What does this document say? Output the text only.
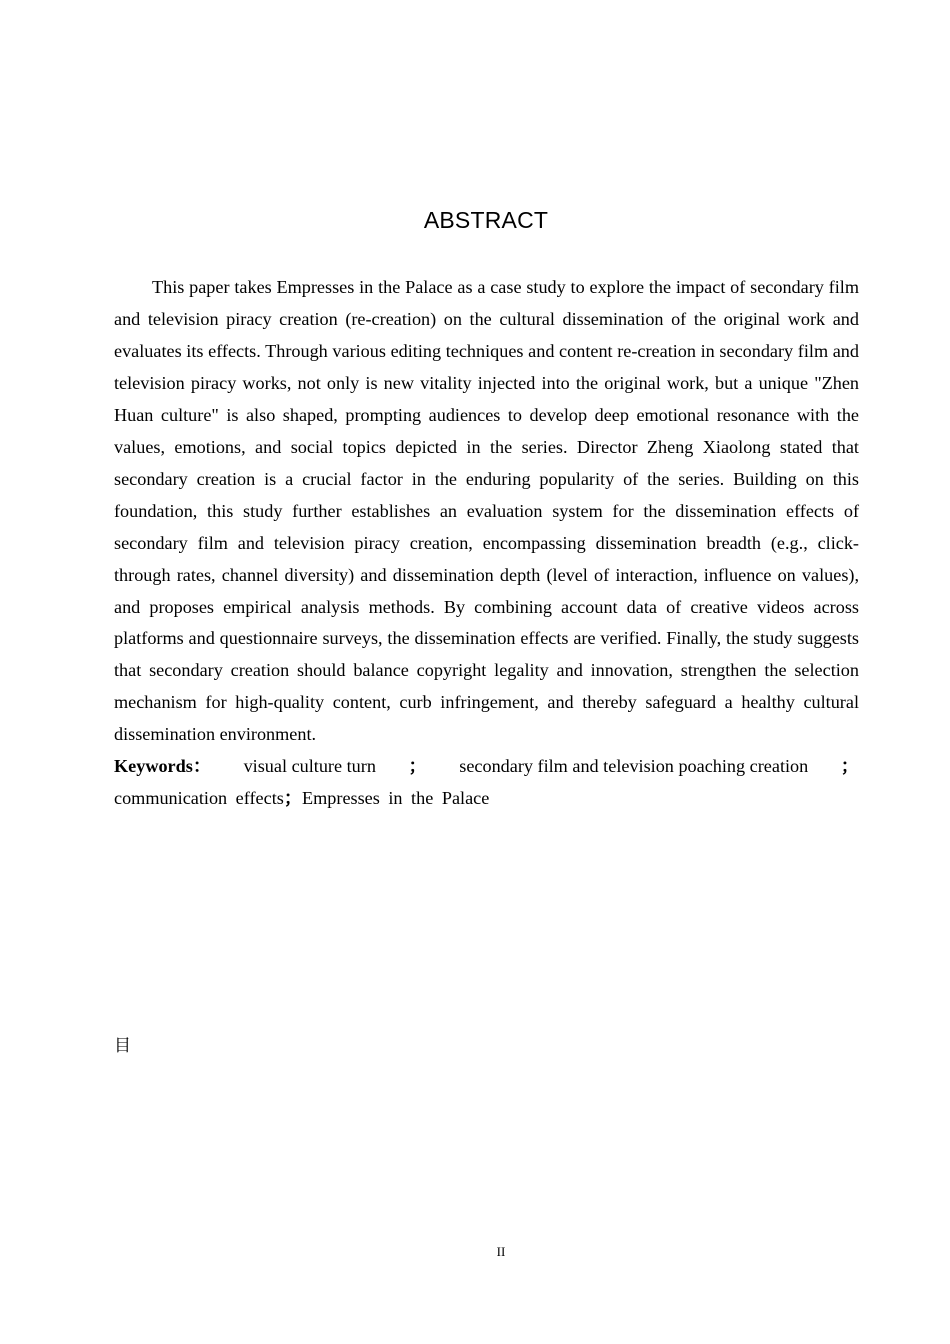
ABSTRACT

This paper takes Empresses in the Palace as a case study to explore the impact of secondary film and television piracy creation (re-creation) on the cultural dissemination of the original work and evaluates its effects. Through various editing techniques and content re-creation in secondary film and television piracy works, not only is new vitality injected into the original work, but a unique "Zhen Huan culture" is also shaped, prompting audiences to develop deep emotional resonance with the values, emotions, and social topics depicted in the series. Director Zheng Xiaolong stated that secondary creation is a crucial factor in the enduring popularity of the series. Building on this foundation, this study further establishes an evaluation system for the dissemination effects of secondary film and television piracy creation, encompassing dissemination breadth (e.g., click-through rates, channel diversity) and dissemination depth (level of interaction, influence on values), and proposes empirical analysis methods. By combining account data of creative videos across platforms and questionnaire surveys, the dissemination effects are verified. Finally, the study suggests that secondary creation should balance copyright legality and innovation, strengthen the selection mechanism for high-quality content, curb infringement, and thereby safeguard a healthy cultural dissemination environment.

Keywords： visual culture turn ； secondary film and television poaching creation ；
communication effects；Empresses in the Palace
目
II
